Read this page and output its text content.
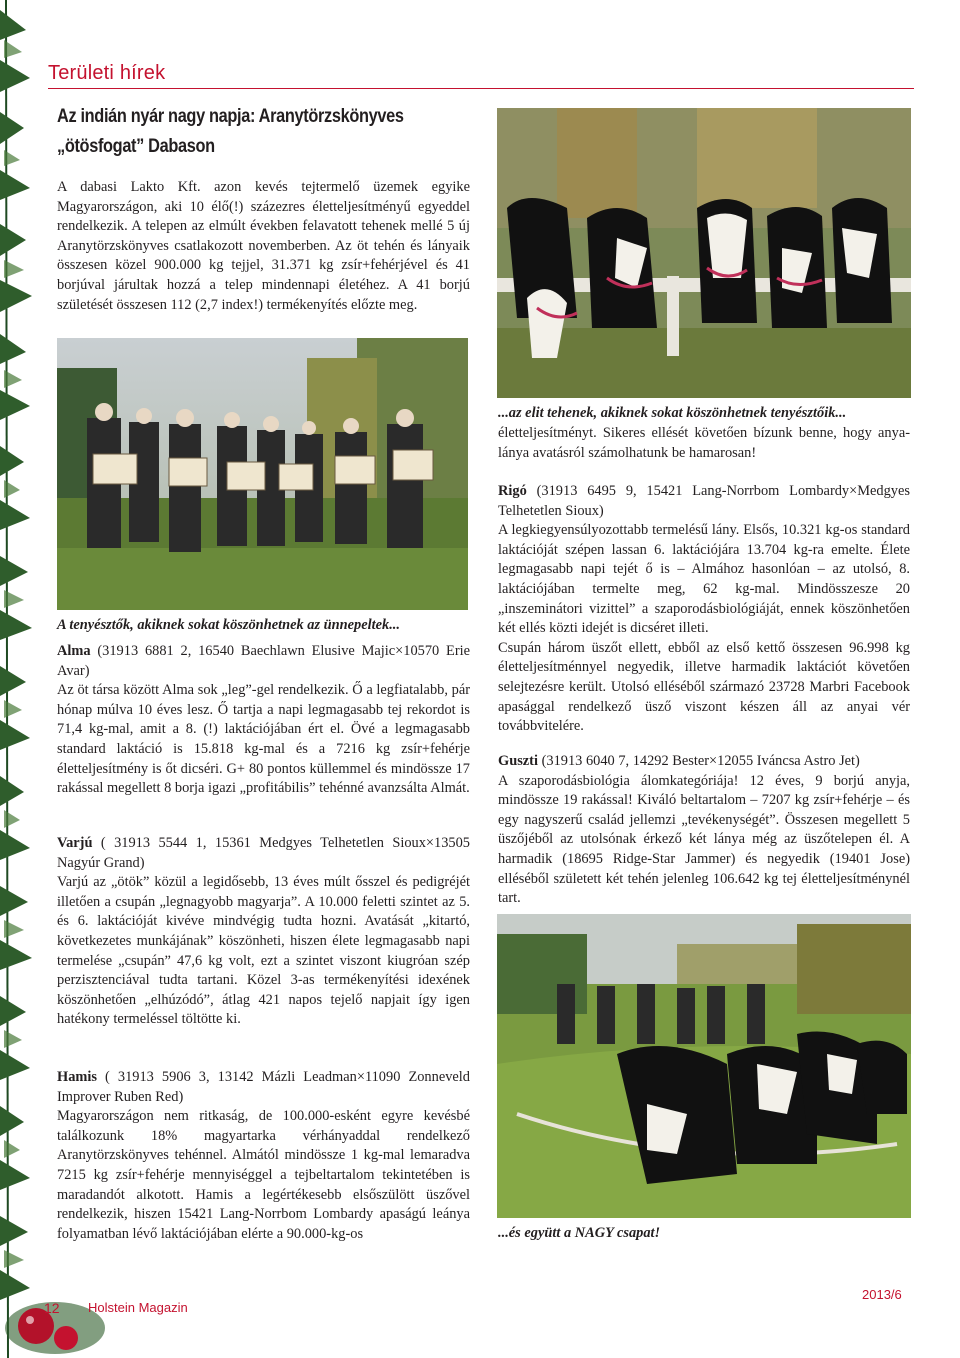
Területi hírek
Az indián nyár nagy napja: Aranytörzskönyves
„ötösfogat” Dabason

A dabasi Lakto Kft. azon kevés tejtermelő üzemek egyike Magyarországon, aki 10 élő(!) százezres életteljesítményű egyeddel rendelkezik. A telepen az elmúlt években felavatott tehenek mellé 5 új Aranytörzskönyves csatlakozott novemberben. Az öt tehén és lányaik összesen közel 900.000 kg tejjel, 31.371 kg zsír+fehérjével és 41 borjúval járultak hozzá a telep mindennapi életéhez. A 41 borjú születését összesen 112 (2,7 index!) termékenyítés előzte meg.

A tenyésztők, akiknek sokat köszönhetnek az ünnepeltek...

Alma (31913 6881 2, 16540 Baechlawn Elusive Majic×10570 Erie Avar)

Az öt társa között Alma sok „leg”-gel rendelkezik. Ő a legfiatalabb, pár hónap múlva 10 éves lesz. Ő tartja a napi legmagasabb tej rekordot is 71,4 kg-mal, amit a 8. (!) laktációjában ért el. Övé a legmagasabb standard laktáció is 15.818 kg-mal és a 7216 kg zsír+fehérje életteljesítmény is őt dicséri. G+ 80 pontos küllemmel és mindössze 17 rakással megellett 8 borja igazi „profitábilis” tehénné avanzsálta Almát.

Varjú ( 31913 5544 1, 15361 Medgyes Telhetetlen Sioux×13505 Nagyúr Grand)

Varjú az „ötök” közül a legidősebb, 13 éves múlt ősszel és pedigréjét illetően a csupán „legnagyobb magyarja”. A 10.000 feletti szintet az 5. és 6. laktációját kivéve mindvégig tudta hozni. Avatását „kitartó, következetes munkájának” köszönheti, hiszen élete legmagasabb napi termelése „csupán” 47,6 kg volt, ezt a szintet viszont kiugróan szép perzisztenciával tudta tartani. Közel 3-as termékenyítési idexének köszönhetően „elhúzódó”, átlag 421 napos tejelő napjait így igen hatékony termeléssel töltötte ki.

Hamis ( 31913 5906 3, 13142 Mázli Leadman×11090 Zonneveld Improver Ruben Red)

Magyarországon nem ritkaság, de 100.000-esként egyre kevésbé találkozunk 18% magyartarka vérhányaddal rendelkező Aranytörzskönyves tehénnel. Almától mindössze 1 kg-mal lemaradva 7215 kg zsír+fehérje mennyiséggel a tejbeltartalom tekintetében is maradandót alkotott. Hamis a legértékesebb elsőszülött üszővel rendelkezik, hiszen 15421 Lang-Norrbom Lombardy apaságú leánya folyamatban lévő laktációjában elérte a 90.000-kg-os

...az elit tehenek, akiknek sokat köszönhetnek tenyésztőik...

életteljesítményt. Sikeres ellését követően bízunk benne, hogy anya-lánya avatásról számolhatunk be hamarosan!

Rigó (31913 6495 9, 15421 Lang-Norrbom Lombardy×Medgyes Telhetetlen Sioux)

A legkiegyensúlyozottabb termelésű lány. Elsős, 10.321 kg-os standard laktációját szépen lassan 6. laktációjára 13.704 kg-ra emelte. Élete legmagasabb napi tejét ő is – Almához hasonlóan – az utolsó, 8. laktációjában termelte meg, 62 kg-mal. Mindösszesze 20 „inszeminátori vizittel” a szaporodásbiológiáját, ennek köszönhetően két ellés közti idejét is dicséret illeti.

Csupán három üszőt ellett, ebből az első kettő összesen 96.998 kg életteljesítménnyel negyedik, illetve harmadik laktációt követően selejtezésre került. Utolsó elléséből származó 23728 Marbri Facebook apasággal rendelkező üsző viszont készen áll az anyai vér továbbvitelére.

Guszti (31913 6040 7, 14292 Bester×12055 Iváncsa Astro Jet)

A szaporodásbiológia álomkategóriája! 12 éves, 9 borjú anyja, mindössze 19 rakással! Kiváló beltartalom – 7207 kg zsír+fehérje – és egy nagyszerű család jellemzi „tevékenységét”. Összesen megellett 5 üszőjéből az utolsónak érkező két lánya még az üszőtelepen él. A harmadik (18695 Ridge-Star Jammer) és negyedik (19401 Jose) elléséből született két tehén jelenleg 106.642 kg tej életteljesítménynél tart.

...és együtt a NAGY csapat!
12 Holstein Magazin
2013/6
